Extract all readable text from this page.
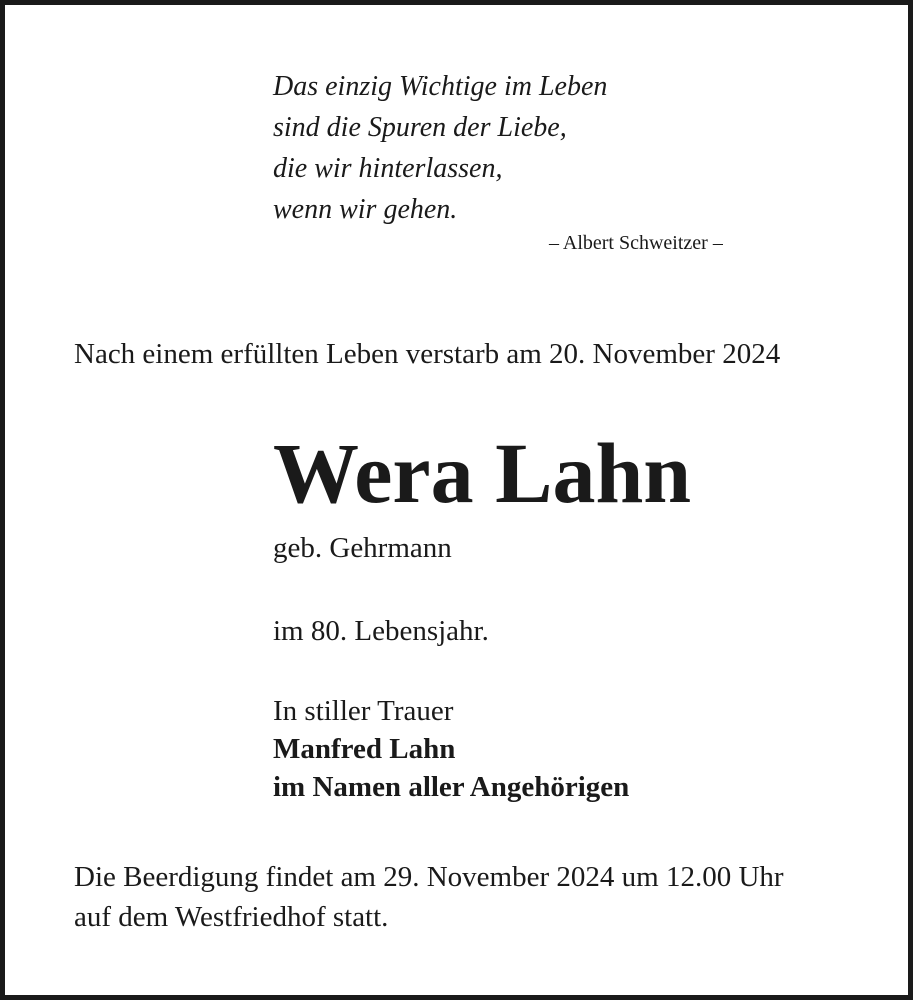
Das einzig Wichtige im Leben
sind die Spuren der Liebe,
die wir hinterlassen,
wenn wir gehen.
– Albert Schweitzer –
Nach einem erfüllten Leben verstarb am 20. November 2024
Wera Lahn
geb. Gehrmann
im 80. Lebensjahr.
In stiller Trauer
Manfred Lahn
im Namen aller Angehörigen
Die Beerdigung findet am 29. November 2024 um 12.00 Uhr
auf dem Westfriedhof statt.
